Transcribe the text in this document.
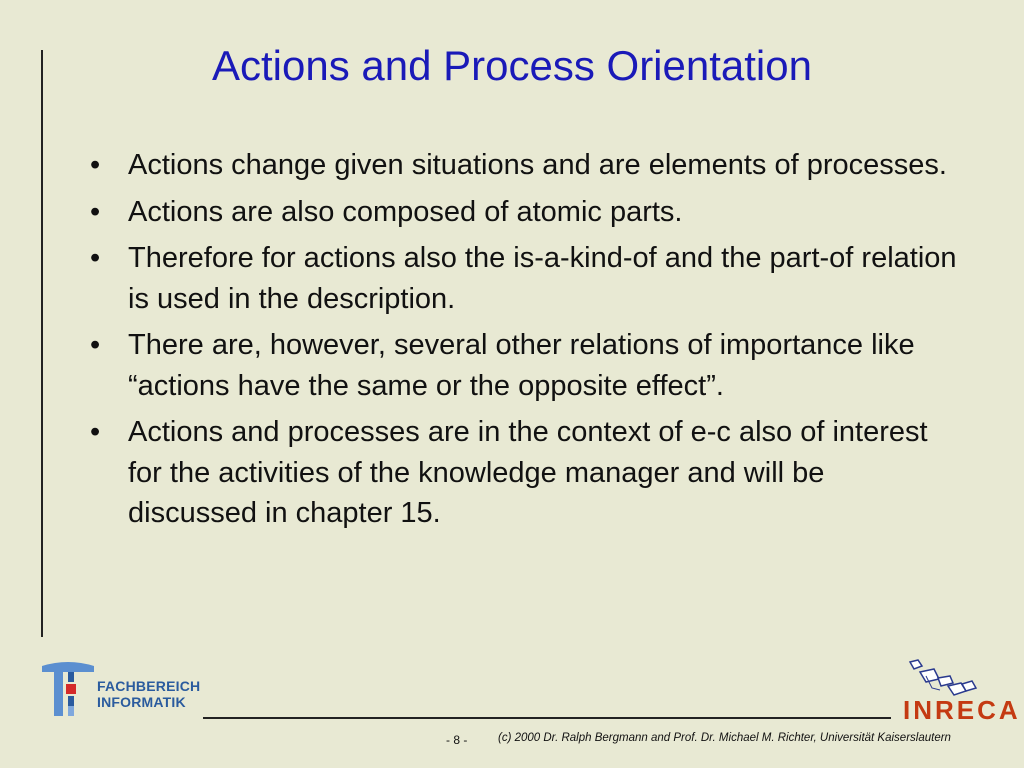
Actions and Process Orientation
• Actions change given situations and are elements of processes.
• Actions are also composed of atomic parts.
• Therefore for actions also the is-a-kind-of and the part-of relation is used in the description.
• There are, however, several other relations of importance like “actions have the same or the opposite effect”.
• Actions and processes are in the context of e-c also of interest for the activities of the knowledge manager and will be discussed in chapter 15.
FACHBEREICH
INFORMATIK	INRECA
- 8 -	(c) 2000 Dr. Ralph Bergmann and Prof. Dr. Michael M. Richter, Universität Kaiserslautern
